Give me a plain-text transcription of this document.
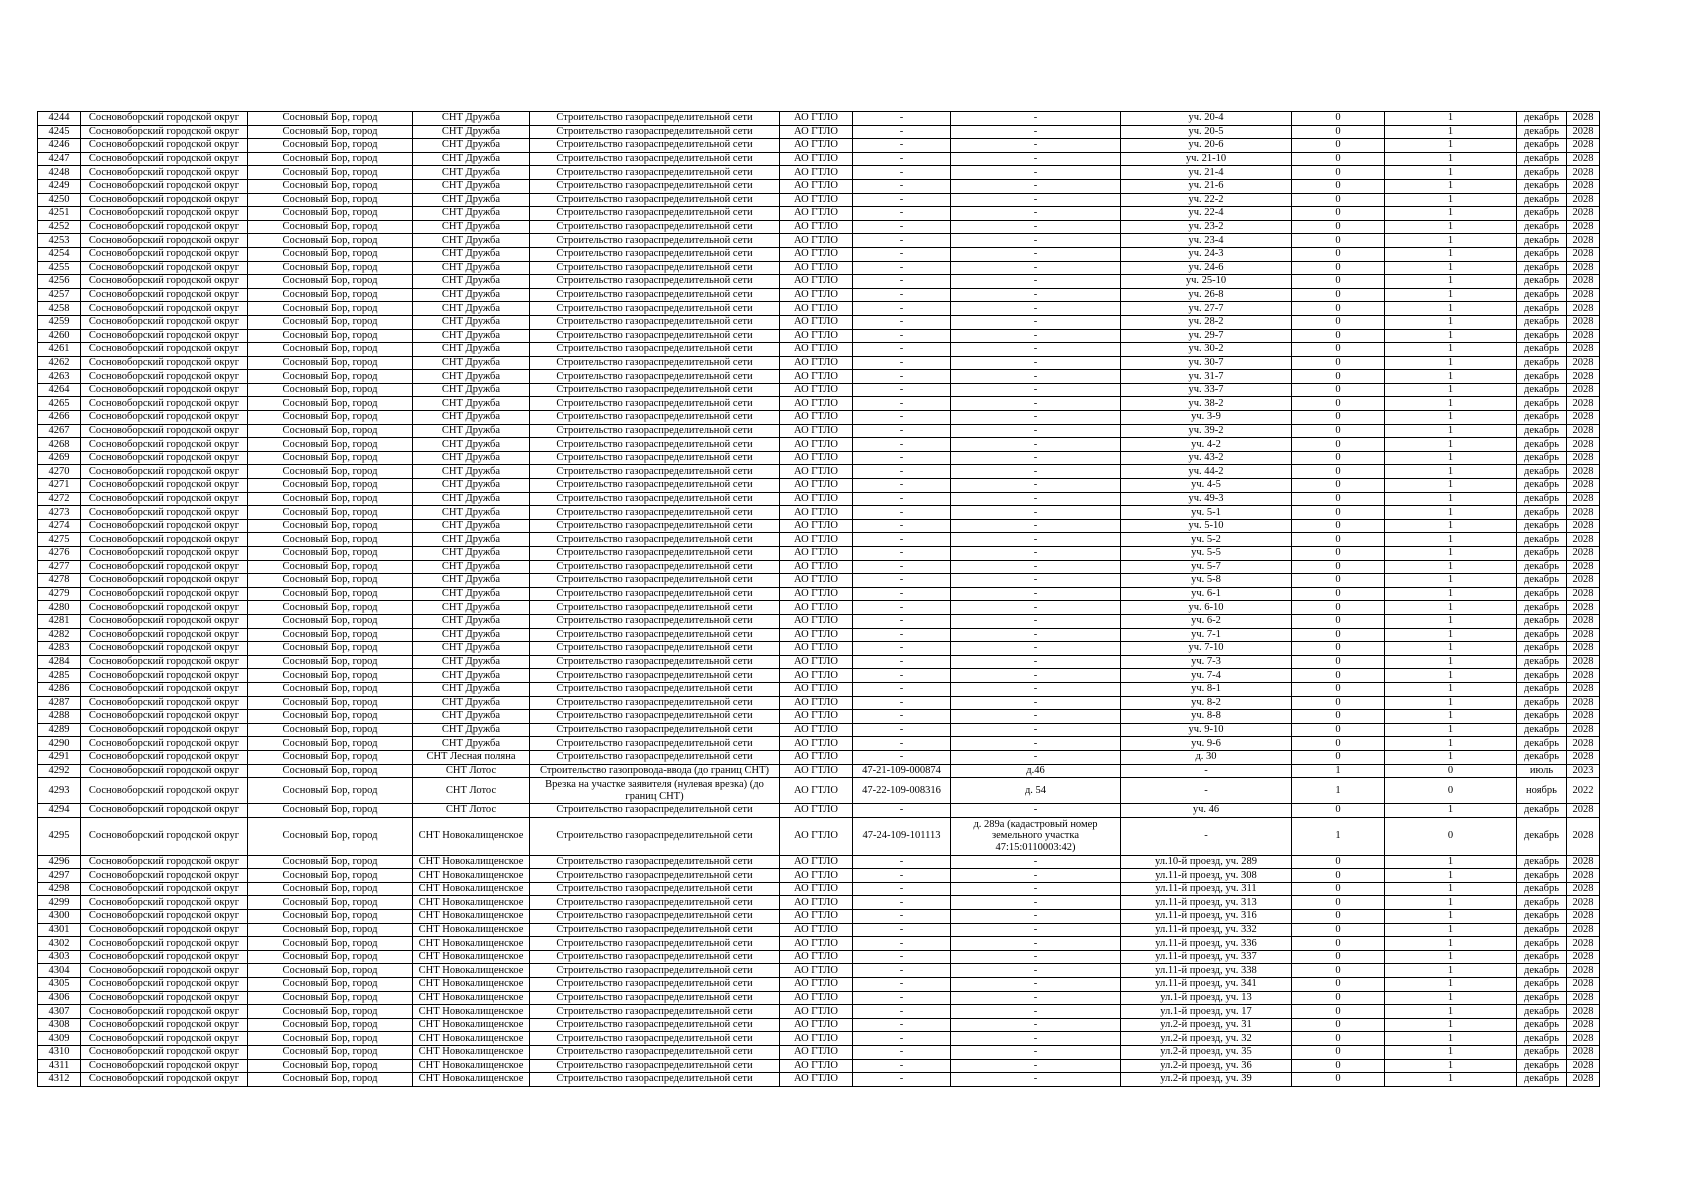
4244	Сосновоборский городской округ	Сосновый Бор, город	СНТ Дружба	Строительство газораспределительной сети	АО ГТЛО	-	-	уч. 20-4	0	1	декабрь	2028
4245	Сосновоборский городской округ	Сосновый Бор, город	СНТ Дружба	Строительство газораспределительной сети	АО ГТЛО	-	-	уч. 20-5	0	1	декабрь	2028
4246	Сосновоборский городской округ	Сосновый Бор, город	СНТ Дружба	Строительство газораспределительной сети	АО ГТЛО	-	-	уч. 20-6	0	1	декабрь	2028
4247	Сосновоборский городской округ	Сосновый Бор, город	СНТ Дружба	Строительство газораспределительной сети	АО ГТЛО	-	-	уч. 21-10	0	1	декабрь	2028
4248	Сосновоборский городской округ	Сосновый Бор, город	СНТ Дружба	Строительство газораспределительной сети	АО ГТЛО	-	-	уч. 21-4	0	1	декабрь	2028
4249	Сосновоборский городской округ	Сосновый Бор, город	СНТ Дружба	Строительство газораспределительной сети	АО ГТЛО	-	-	уч. 21-6	0	1	декабрь	2028
4250	Сосновоборский городской округ	Сосновый Бор, город	СНТ Дружба	Строительство газораспределительной сети	АО ГТЛО	-	-	уч. 22-2	0	1	декабрь	2028
4251	Сосновоборский городской округ	Сосновый Бор, город	СНТ Дружба	Строительство газораспределительной сети	АО ГТЛО	-	-	уч. 22-4	0	1	декабрь	2028
4252	Сосновоборский городской округ	Сосновый Бор, город	СНТ Дружба	Строительство газораспределительной сети	АО ГТЛО	-	-	уч. 23-2	0	1	декабрь	2028
4253	Сосновоборский городской округ	Сосновый Бор, город	СНТ Дружба	Строительство газораспределительной сети	АО ГТЛО	-	-	уч. 23-4	0	1	декабрь	2028
4254	Сосновоборский городской округ	Сосновый Бор, город	СНТ Дружба	Строительство газораспределительной сети	АО ГТЛО	-	-	уч. 24-3	0	1	декабрь	2028
4255	Сосновоборский городской округ	Сосновый Бор, город	СНТ Дружба	Строительство газораспределительной сети	АО ГТЛО	-	-	уч. 24-6	0	1	декабрь	2028
4256	Сосновоборский городской округ	Сосновый Бор, город	СНТ Дружба	Строительство газораспределительной сети	АО ГТЛО	-	-	уч. 25-10	0	1	декабрь	2028
4257	Сосновоборский городской округ	Сосновый Бор, город	СНТ Дружба	Строительство газораспределительной сети	АО ГТЛО	-	-	уч. 26-8	0	1	декабрь	2028
4258	Сосновоборский городской округ	Сосновый Бор, город	СНТ Дружба	Строительство газораспределительной сети	АО ГТЛО	-	-	уч. 27-7	0	1	декабрь	2028
4259	Сосновоборский городской округ	Сосновый Бор, город	СНТ Дружба	Строительство газораспределительной сети	АО ГТЛО	-	-	уч. 28-2	0	1	декабрь	2028
4260	Сосновоборский городской округ	Сосновый Бор, город	СНТ Дружба	Строительство газораспределительной сети	АО ГТЛО	-	-	уч. 29-7	0	1	декабрь	2028
4261	Сосновоборский городской округ	Сосновый Бор, город	СНТ Дружба	Строительство газораспределительной сети	АО ГТЛО	-	-	уч. 30-2	0	1	декабрь	2028
4262	Сосновоборский городской округ	Сосновый Бор, город	СНТ Дружба	Строительство газораспределительной сети	АО ГТЛО	-	-	уч. 30-7	0	1	декабрь	2028
4263	Сосновоборский городской округ	Сосновый Бор, город	СНТ Дружба	Строительство газораспределительной сети	АО ГТЛО	-	-	уч. 31-7	0	1	декабрь	2028
4264	Сосновоборский городской округ	Сосновый Бор, город	СНТ Дружба	Строительство газораспределительной сети	АО ГТЛО	-	-	уч. 33-7	0	1	декабрь	2028
4265	Сосновоборский городской округ	Сосновый Бор, город	СНТ Дружба	Строительство газораспределительной сети	АО ГТЛО	-	-	уч. 38-2	0	1	декабрь	2028
4266	Сосновоборский городской округ	Сосновый Бор, город	СНТ Дружба	Строительство газораспределительной сети	АО ГТЛО	-	-	уч. 3-9	0	1	декабрь	2028
4267	Сосновоборский городской округ	Сосновый Бор, город	СНТ Дружба	Строительство газораспределительной сети	АО ГТЛО	-	-	уч. 39-2	0	1	декабрь	2028
4268	Сосновоборский городской округ	Сосновый Бор, город	СНТ Дружба	Строительство газораспределительной сети	АО ГТЛО	-	-	уч. 4-2	0	1	декабрь	2028
4269	Сосновоборский городской округ	Сосновый Бор, город	СНТ Дружба	Строительство газораспределительной сети	АО ГТЛО	-	-	уч. 43-2	0	1	декабрь	2028
4270	Сосновоборский городской округ	Сосновый Бор, город	СНТ Дружба	Строительство газораспределительной сети	АО ГТЛО	-	-	уч. 44-2	0	1	декабрь	2028
4271	Сосновоборский городской округ	Сосновый Бор, город	СНТ Дружба	Строительство газораспределительной сети	АО ГТЛО	-	-	уч. 4-5	0	1	декабрь	2028
4272	Сосновоборский городской округ	Сосновый Бор, город	СНТ Дружба	Строительство газораспределительной сети	АО ГТЛО	-	-	уч. 49-3	0	1	декабрь	2028
4273	Сосновоборский городской округ	Сосновый Бор, город	СНТ Дружба	Строительство газораспределительной сети	АО ГТЛО	-	-	уч. 5-1	0	1	декабрь	2028
4274	Сосновоборский городской округ	Сосновый Бор, город	СНТ Дружба	Строительство газораспределительной сети	АО ГТЛО	-	-	уч. 5-10	0	1	декабрь	2028
4275	Сосновоборский городской округ	Сосновый Бор, город	СНТ Дружба	Строительство газораспределительной сети	АО ГТЛО	-	-	уч. 5-2	0	1	декабрь	2028
4276	Сосновоборский городской округ	Сосновый Бор, город	СНТ Дружба	Строительство газораспределительной сети	АО ГТЛО	-	-	уч. 5-5	0	1	декабрь	2028
4277	Сосновоборский городской округ	Сосновый Бор, город	СНТ Дружба	Строительство газораспределительной сети	АО ГТЛО	-	-	уч. 5-7	0	1	декабрь	2028
4278	Сосновоборский городской округ	Сосновый Бор, город	СНТ Дружба	Строительство газораспределительной сети	АО ГТЛО	-	-	уч. 5-8	0	1	декабрь	2028
4279	Сосновоборский городской округ	Сосновый Бор, город	СНТ Дружба	Строительство газораспределительной сети	АО ГТЛО	-	-	уч. 6-1	0	1	декабрь	2028
4280	Сосновоборский городской округ	Сосновый Бор, город	СНТ Дружба	Строительство газораспределительной сети	АО ГТЛО	-	-	уч. 6-10	0	1	декабрь	2028
4281	Сосновоборский городской округ	Сосновый Бор, город	СНТ Дружба	Строительство газораспределительной сети	АО ГТЛО	-	-	уч. 6-2	0	1	декабрь	2028
4282	Сосновоборский городской округ	Сосновый Бор, город	СНТ Дружба	Строительство газораспределительной сети	АО ГТЛО	-	-	уч. 7-1	0	1	декабрь	2028
4283	Сосновоборский городской округ	Сосновый Бор, город	СНТ Дружба	Строительство газораспределительной сети	АО ГТЛО	-	-	уч. 7-10	0	1	декабрь	2028
4284	Сосновоборский городской округ	Сосновый Бор, город	СНТ Дружба	Строительство газораспределительной сети	АО ГТЛО	-	-	уч. 7-3	0	1	декабрь	2028
4285	Сосновоборский городской округ	Сосновый Бор, город	СНТ Дружба	Строительство газораспределительной сети	АО ГТЛО	-	-	уч. 7-4	0	1	декабрь	2028
4286	Сосновоборский городской округ	Сосновый Бор, город	СНТ Дружба	Строительство газораспределительной сети	АО ГТЛО	-	-	уч. 8-1	0	1	декабрь	2028
4287	Сосновоборский городской округ	Сосновый Бор, город	СНТ Дружба	Строительство газораспределительной сети	АО ГТЛО	-	-	уч. 8-2	0	1	декабрь	2028
4288	Сосновоборский городской округ	Сосновый Бор, город	СНТ Дружба	Строительство газораспределительной сети	АО ГТЛО	-	-	уч. 8-8	0	1	декабрь	2028
4289	Сосновоборский городской округ	Сосновый Бор, город	СНТ Дружба	Строительство газораспределительной сети	АО ГТЛО	-	-	уч. 9-10	0	1	декабрь	2028
4290	Сосновоборский городской округ	Сосновый Бор, город	СНТ Дружба	Строительство газораспределительной сети	АО ГТЛО	-	-	уч. 9-6	0	1	декабрь	2028
4291	Сосновоборский городской округ	Сосновый Бор, город	СНТ Лесная поляна	Строительство газораспределительной сети	АО ГТЛО	-	-	д. 30	0	1	декабрь	2028
4292	Сосновоборский городской округ	Сосновый Бор, город	СНТ Лотос	Строительство газопровода-ввода (до границ СНТ)	АО ГТЛО	47-21-109-000874	д.46	-	1	0	июль	2023
4293	Сосновоборский городской округ	Сосновый Бор, город	СНТ Лотос	Врезка на участке заявителя (нулевая врезка) (до границ СНТ)	АО ГТЛО	47-22-109-008316	д. 54	-	1	0	ноябрь	2022
4294	Сосновоборский городской округ	Сосновый Бор, город	СНТ Лотос	Строительство газораспределительной сети	АО ГТЛО	-	-	уч. 46	0	1	декабрь	2028
4295	Сосновоборский городской округ	Сосновый Бор, город	СНТ Новокалищенское	Строительство газораспределительной сети	АО ГТЛО	47-24-109-101113	д. 289а (кадастровый номер земельного участка 47:15:0110003:42)	-	1	0	декабрь	2028
4296	Сосновоборский городской округ	Сосновый Бор, город	СНТ Новокалищенское	Строительство газораспределительной сети	АО ГТЛО	-	-	ул.10-й проезд, уч. 289	0	1	декабрь	2028
4297	Сосновоборский городской округ	Сосновый Бор, город	СНТ Новокалищенское	Строительство газораспределительной сети	АО ГТЛО	-	-	ул.11-й проезд, уч. 308	0	1	декабрь	2028
4298	Сосновоборский городской округ	Сосновый Бор, город	СНТ Новокалищенское	Строительство газораспределительной сети	АО ГТЛО	-	-	ул.11-й проезд, уч. 311	0	1	декабрь	2028
4299	Сосновоборский городской округ	Сосновый Бор, город	СНТ Новокалищенское	Строительство газораспределительной сети	АО ГТЛО	-	-	ул.11-й проезд, уч. 313	0	1	декабрь	2028
4300	Сосновоборский городской округ	Сосновый Бор, город	СНТ Новокалищенское	Строительство газораспределительной сети	АО ГТЛО	-	-	ул.11-й проезд, уч. 316	0	1	декабрь	2028
4301	Сосновоборский городской округ	Сосновый Бор, город	СНТ Новокалищенское	Строительство газораспределительной сети	АО ГТЛО	-	-	ул.11-й проезд, уч. 332	0	1	декабрь	2028
4302	Сосновоборский городской округ	Сосновый Бор, город	СНТ Новокалищенское	Строительство газораспределительной сети	АО ГТЛО	-	-	ул.11-й проезд, уч. 336	0	1	декабрь	2028
4303	Сосновоборский городской округ	Сосновый Бор, город	СНТ Новокалищенское	Строительство газораспределительной сети	АО ГТЛО	-	-	ул.11-й проезд, уч. 337	0	1	декабрь	2028
4304	Сосновоборский городской округ	Сосновый Бор, город	СНТ Новокалищенское	Строительство газораспределительной сети	АО ГТЛО	-	-	ул.11-й проезд, уч. 338	0	1	декабрь	2028
4305	Сосновоборский городской округ	Сосновый Бор, город	СНТ Новокалищенское	Строительство газораспределительной сети	АО ГТЛО	-	-	ул.11-й проезд, уч. 341	0	1	декабрь	2028
4306	Сосновоборский городской округ	Сосновый Бор, город	СНТ Новокалищенское	Строительство газораспределительной сети	АО ГТЛО	-	-	ул.1-й проезд, уч. 13	0	1	декабрь	2028
4307	Сосновоборский городской округ	Сосновый Бор, город	СНТ Новокалищенское	Строительство газораспределительной сети	АО ГТЛО	-	-	ул.1-й проезд, уч. 17	0	1	декабрь	2028
4308	Сосновоборский городской округ	Сосновый Бор, город	СНТ Новокалищенское	Строительство газораспределительной сети	АО ГТЛО	-	-	ул.2-й проезд, уч. 31	0	1	декабрь	2028
4309	Сосновоборский городской округ	Сосновый Бор, город	СНТ Новокалищенское	Строительство газораспределительной сети	АО ГТЛО	-	-	ул.2-й проезд, уч. 32	0	1	декабрь	2028
4310	Сосновоборский городской округ	Сосновый Бор, город	СНТ Новокалищенское	Строительство газораспределительной сети	АО ГТЛО	-	-	ул.2-й проезд, уч. 35	0	1	декабрь	2028
4311	Сосновоборский городской округ	Сосновый Бор, город	СНТ Новокалищенское	Строительство газораспределительной сети	АО ГТЛО	-	-	ул.2-й проезд, уч. 36	0	1	декабрь	2028
4312	Сосновоборский городской округ	Сосновый Бор, город	СНТ Новокалищенское	Строительство газораспределительной сети	АО ГТЛО	-	-	ул.2-й проезд, уч. 39	0	1	декабрь	2028
